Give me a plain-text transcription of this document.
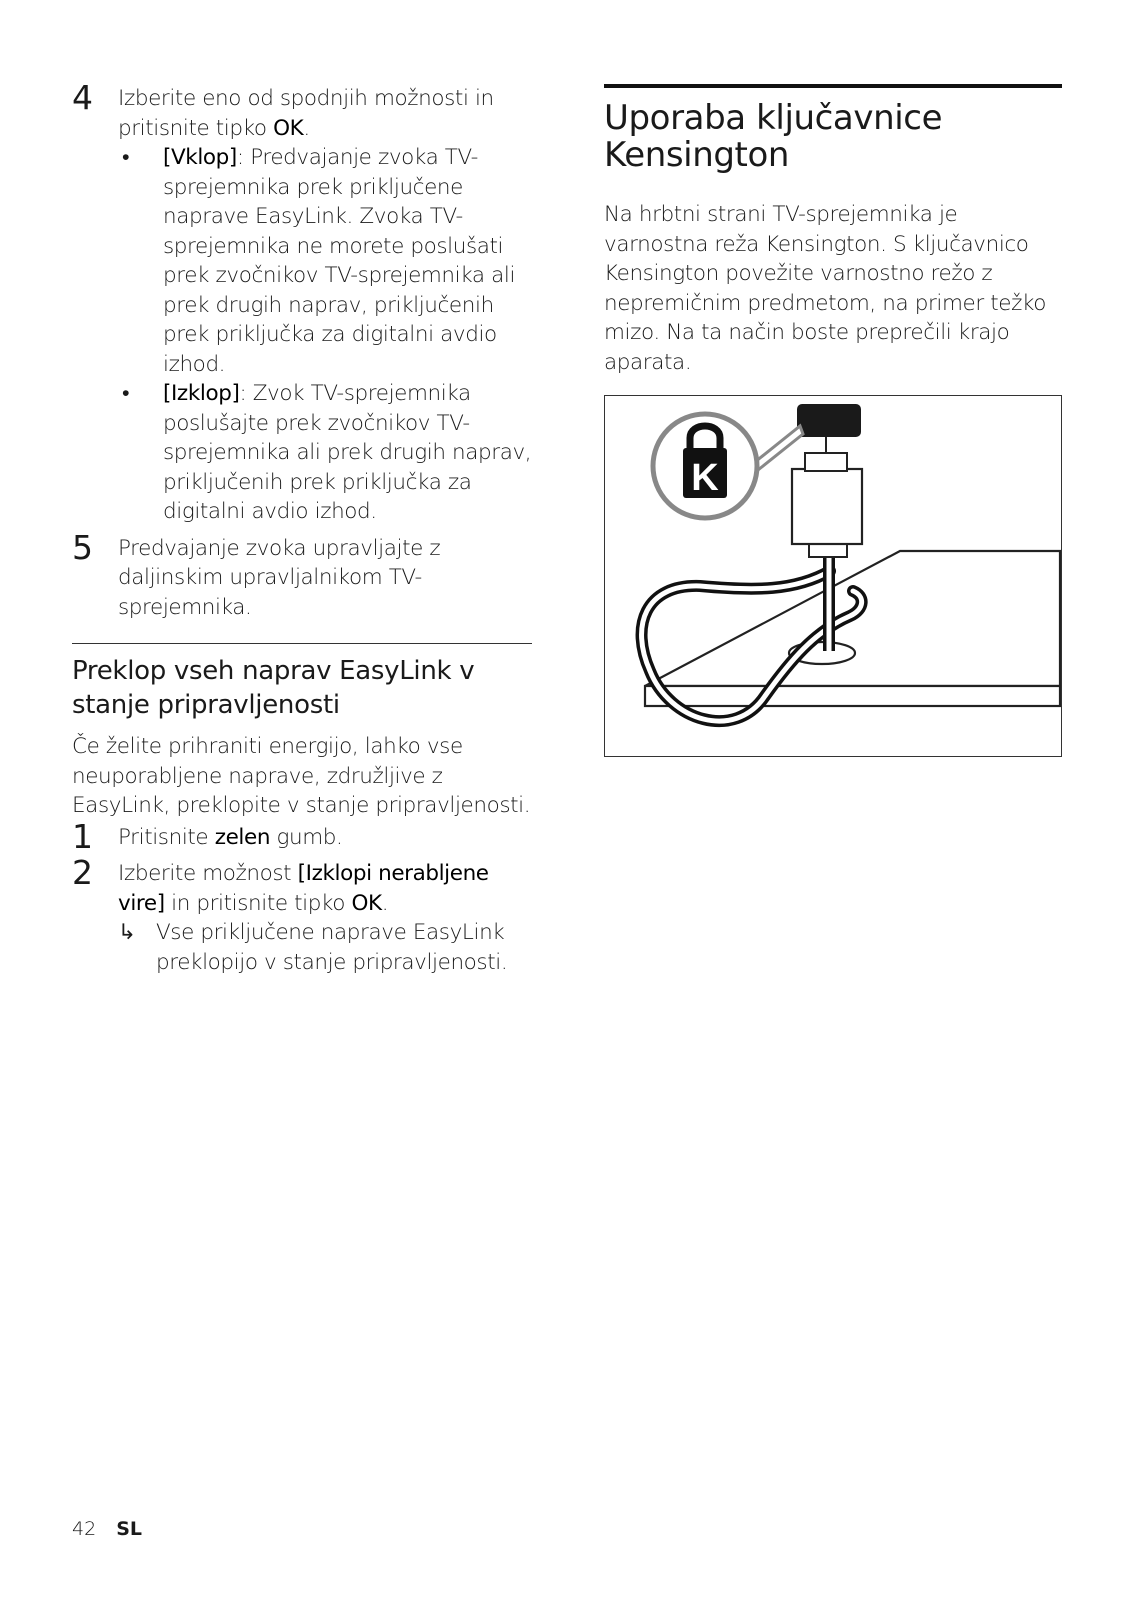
4 Izberite eno od spodnjih možnosti in pritisnite tipko OK.
• [Vklop]: Predvajanje zvoka TV-sprejemnika prek priključene naprave EasyLink. Zvoka TV-sprejemnika ne morete poslušati prek zvočnikov TV-sprejemnika ali prek drugih naprav, priključenih prek priključka za digitalni avdio izhod.
• [Izklop]: Zvok TV-sprejemnika poslušajte prek zvočnikov TV-sprejemnika ali prek drugih naprav, priključenih prek priključka za digitalni avdio izhod.
5 Predvajanje zvoka upravljajte z daljinskim upravljalnikom TV-sprejemnika.
Preklop vseh naprav EasyLink v stanje pripravljenosti

Če želite prihraniti energijo, lahko vse neuporabljene naprave, združljive z EasyLink, preklopite v stanje pripravljenosti.

1 Pritisnite zelen gumb.
2 Izberite možnost [Izklopi nerabljene vire] in pritisnite tipko OK.
↳ Vse priključene naprave EasyLink preklopijo v stanje pripravljenosti.
Uporaba ključavnice Kensington

Na hrbtni strani TV-sprejemnika je varnostna reža Kensington. S ključavnico Kensington povežite varnostno režo z nepremičnim predmetom, na primer težko mizo. Na ta način boste preprečili krajo aparata.

K
42 SL
